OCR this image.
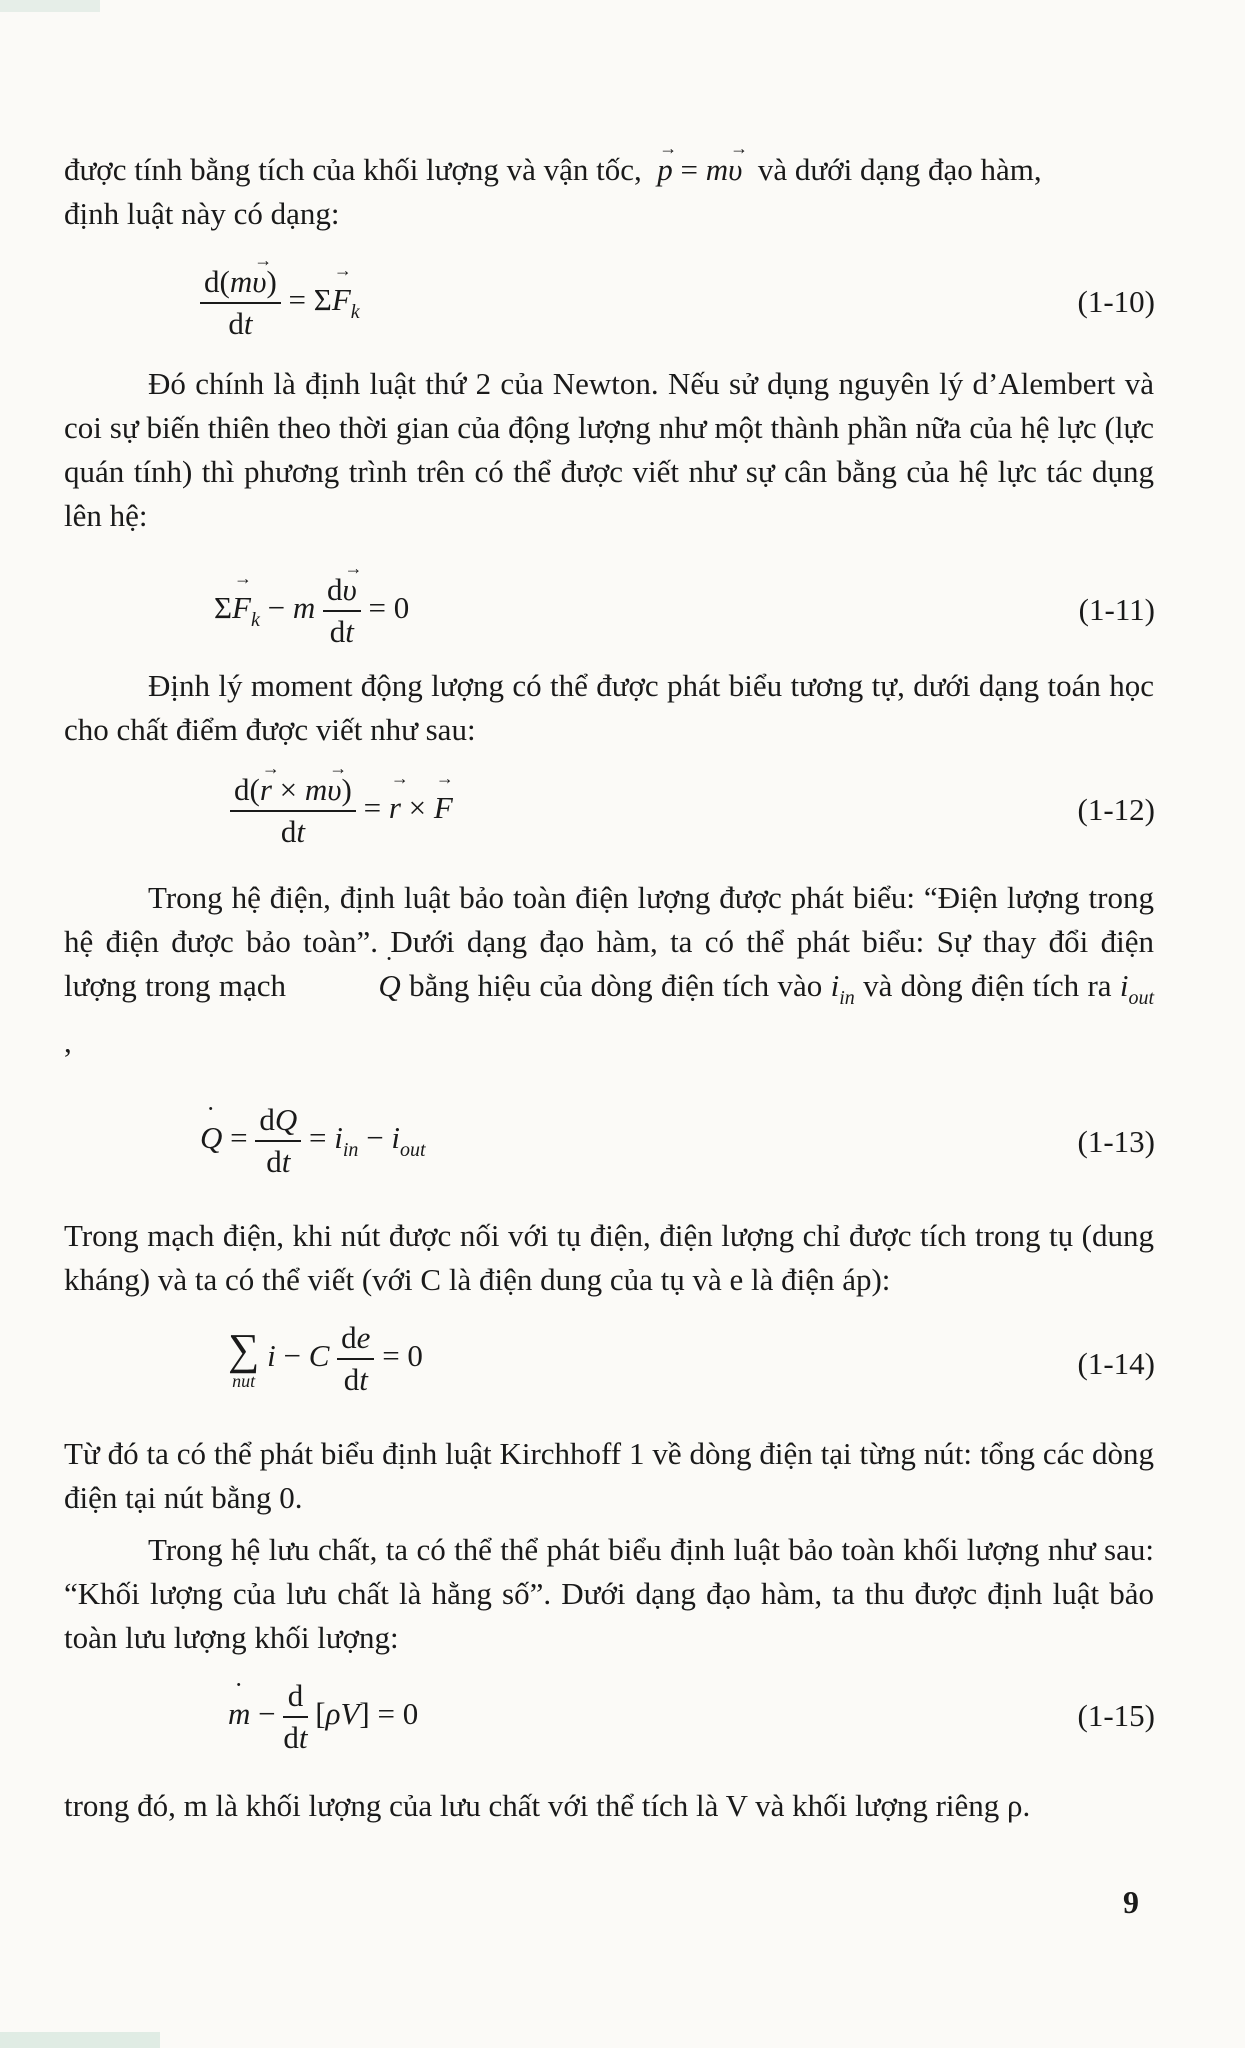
được tính bằng tích của khối lượng và vận tốc, → p = m→ υ và dưới dạng đạo hàm,
định luật này có dạng:
$\frac{d(m\to \upsilon)}{dt} = \Sigma\to F_k$	(1-10)
Đó chính là định luật thứ 2 của Newton. Nếu sử dụng nguyên lý d’Alembert và coi sự biến thiên theo thời gian của động lượng như một thành phần nữa của hệ lực (lực quán tính) thì phương trình trên có thể được viết như sự cân bằng của hệ lực tác dụng lên hệ:
$\Sigma\to F_k - m \frac{d\to \upsilon}{dt} = 0$	(1-11)
Định lý moment động lượng có thể được phát biểu tương tự, dưới dạng toán học cho chất điểm được viết như sau:
$\frac{d(\to r \times m\to \upsilon)}{dt}$ = → r × → F	(1-12)
Trong hệ điện, định luật bảo toàn điện lượng được phát biểu: “Điện lượng trong hệ điện được bảo toàn”. Dưới dạng đạo hàm, ta có thể phát biểu: Sự thay đổi điện lượng trong mạch	˙ Q bằng hiệu của dòng điện tích vào $i_{in}$ và dòng điện tích ra $i_{out}$ ,
˙ $Q = \frac{dQ}{dt} = i_{in} - i_{out}$	(1-13)
Trong mạch điện, khi nút được nối với tụ điện, điện lượng chỉ được tích trong tụ (dung kháng) và ta có thể viết (với C là điện dung của tụ và e là điện áp):
∑
nut
i − C $\frac{de}{dt} = 0$	(1-14)
Từ đó ta có thể phát biểu định luật Kirchhoff 1 về dòng điện tại từng nút: tổng các dòng điện tại nút bằng 0.
Trong hệ lưu chất, ta có thể thể phát biểu định luật bảo toàn khối lượng như sau: “Khối lượng của lưu chất là hằng số”. Dưới dạng đạo hàm, ta thu được định luật bảo toàn lưu lượng khối lượng:
˙ $m - \frac{d}{dt} [\rho V] = 0$	(1-15)
trong đó, m là khối lượng của lưu chất với thể tích là V và khối lượng riêng ρ.
9
